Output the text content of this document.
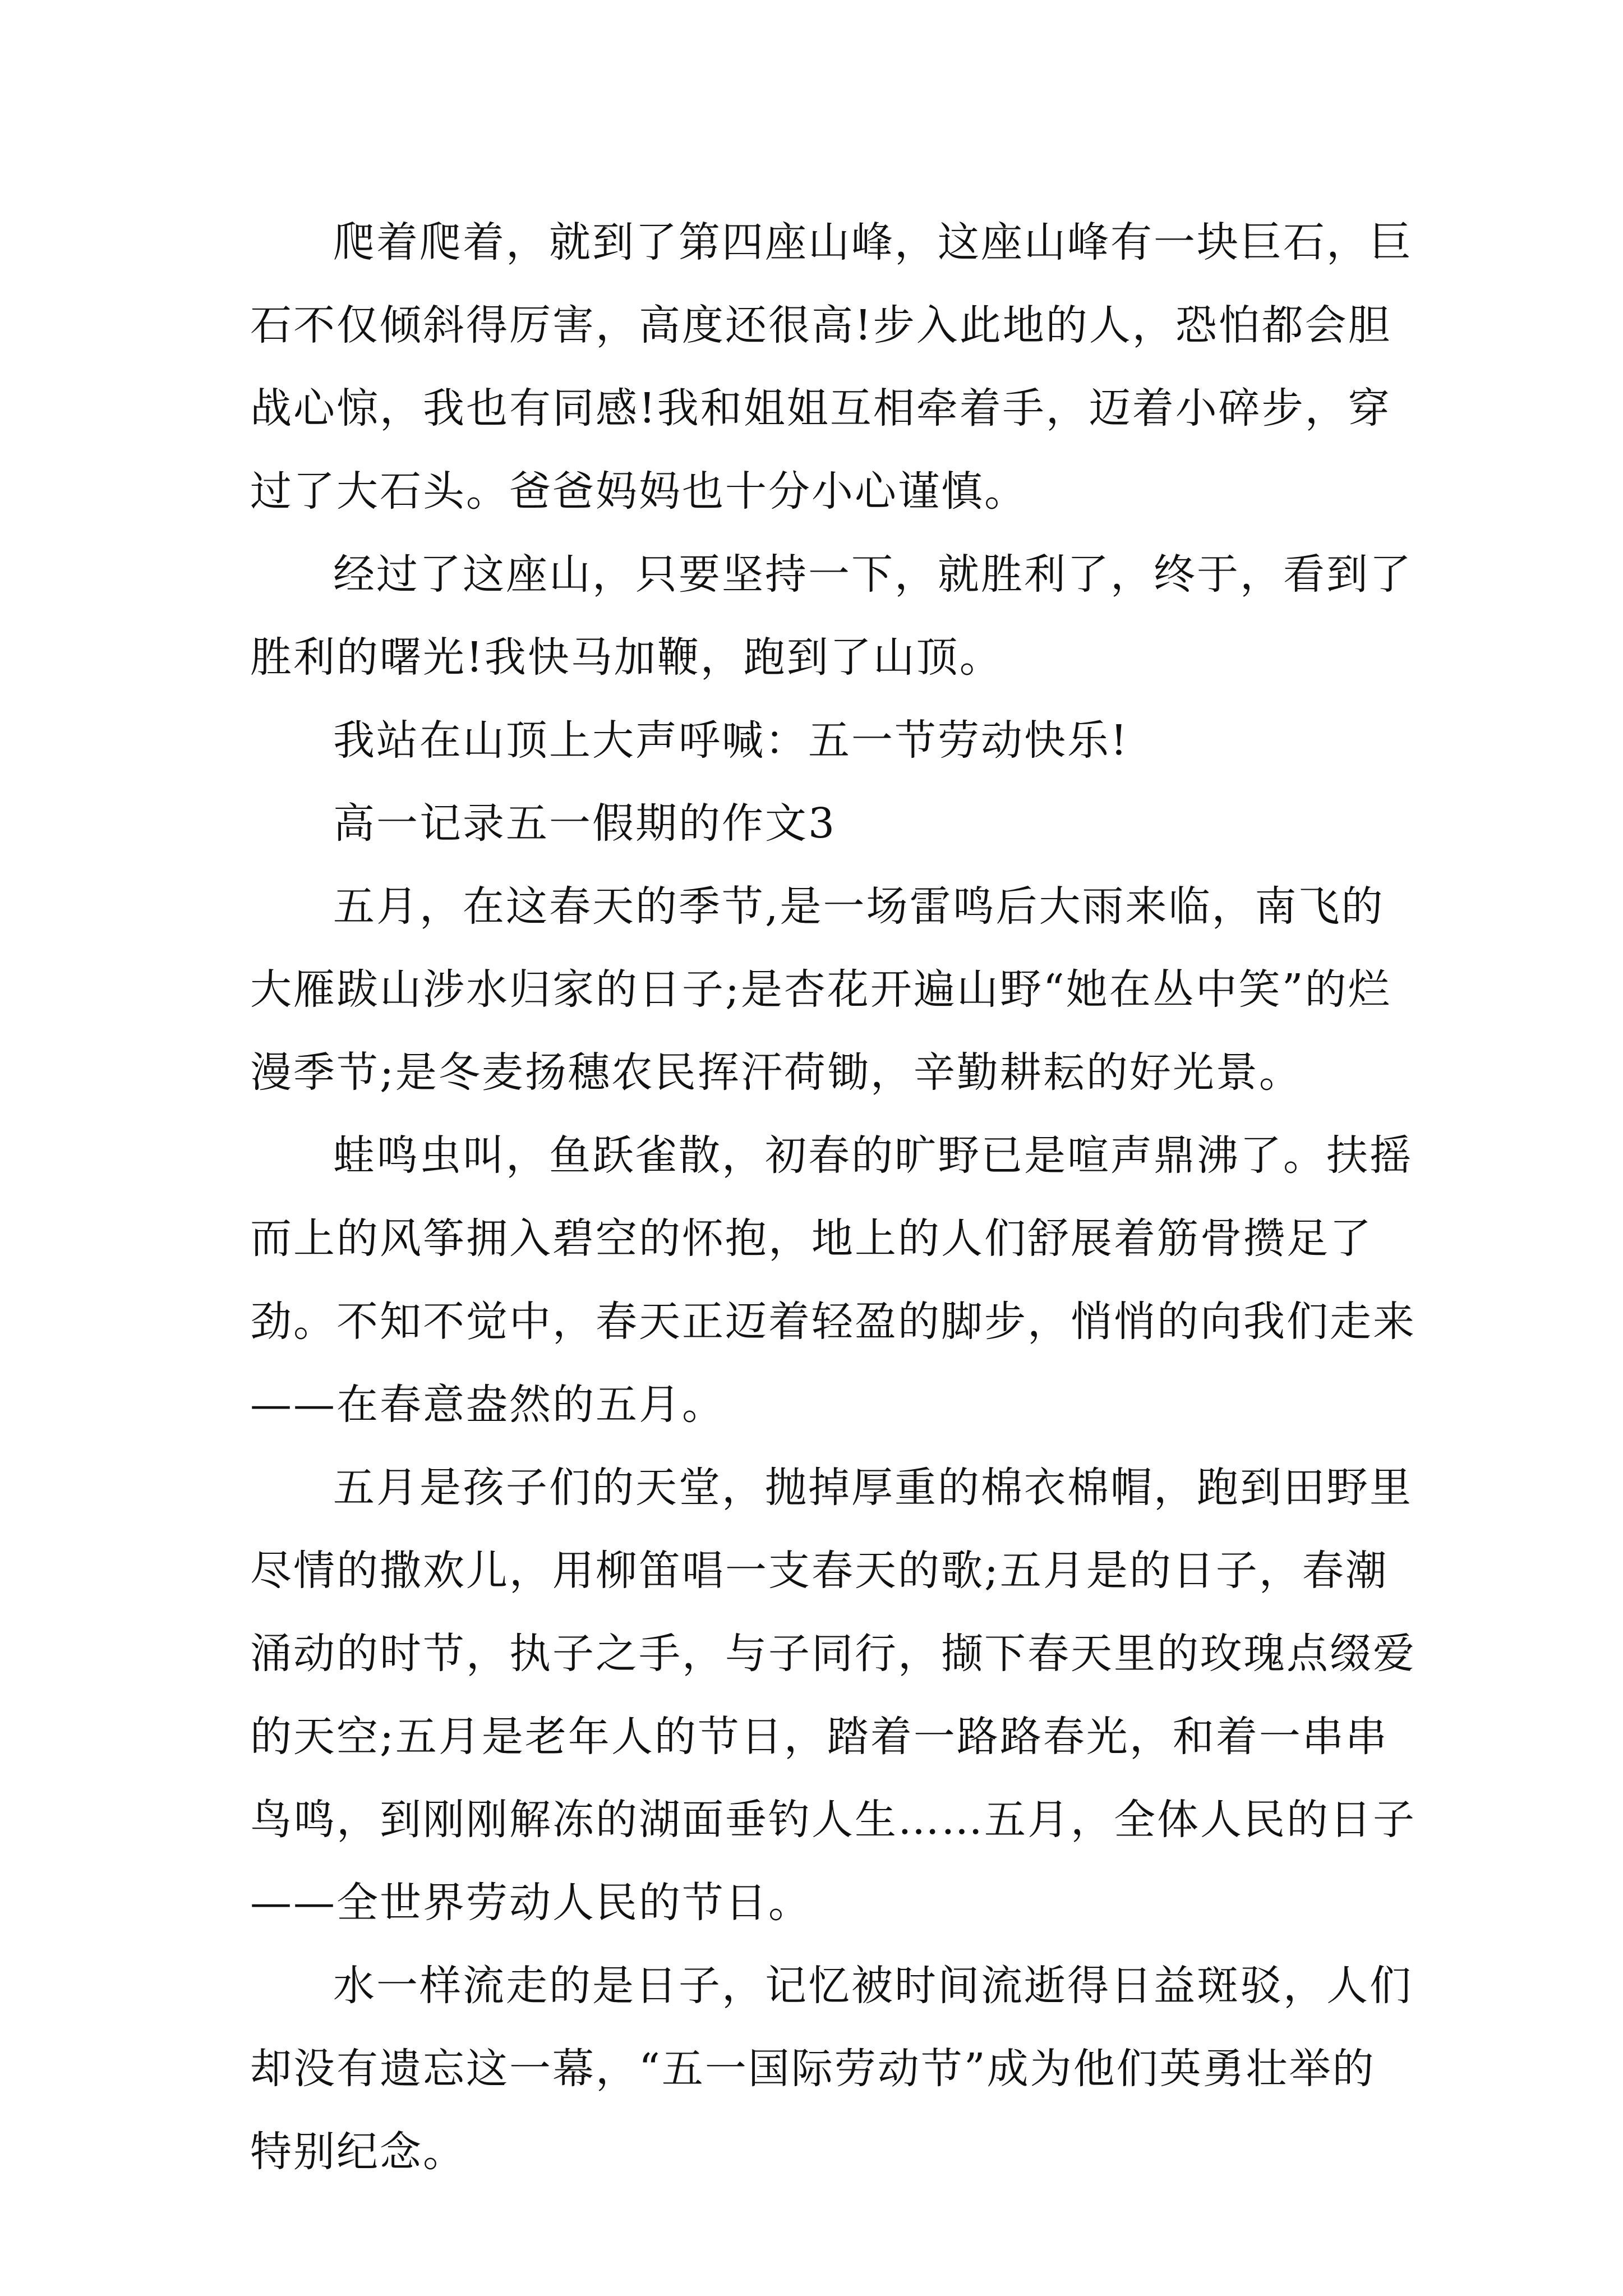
爬着爬着，就到了第四座山峰，这座山峰有一块巨石，巨石不仅倾斜得厉害，高度还很高!步入此地的人，恐怕都会胆战心惊，我也有同感!我和姐姐互相牵着手，迈着小碎步，穿过了大石头。爸爸妈妈也十分小心谨慎。

经过了这座山，只要坚持一下，就胜利了，终于，看到了胜利的曙光!我快马加鞭，跑到了山顶。

我站在山顶上大声呼喊：五一节劳动快乐!

高一记录五一假期的作文3

五月，在这春天的季节,是一场雷鸣后大雨来临，南飞的大雁跋山涉水归家的日子;是杏花开遍山野“她在丛中笑”的烂漫季节;是冬麦扬穗农民挥汗荷锄，辛勤耕耘的好光景。

蛙鸣虫叫，鱼跃雀散，初春的旷野已是喧声鼎沸了。扶摇而上的风筝拥入碧空的怀抱，地上的人们舒展着筋骨攒足了劲。不知不觉中，春天正迈着轻盈的脚步，悄悄的向我们走来——在春意盎然的五月。

五月是孩子们的天堂，抛掉厚重的棉衣棉帽，跑到田野里尽情的撒欢儿，用柳笛唱一支春天的歌;五月是的日子，春潮涌动的时节，执子之手，与子同行，撷下春天里的玫瑰点缀爱的天空;五月是老年人的节日，踏着一路路春光，和着一串串鸟鸣，到刚刚解冻的湖面垂钓人生……五月，全体人民的日子——全世界劳动人民的节日。

水一样流走的是日子，记忆被时间流逝得日益斑驳，人们却没有遗忘这一幕，“五一国际劳动节”成为他们英勇壮举的特别纪念。
